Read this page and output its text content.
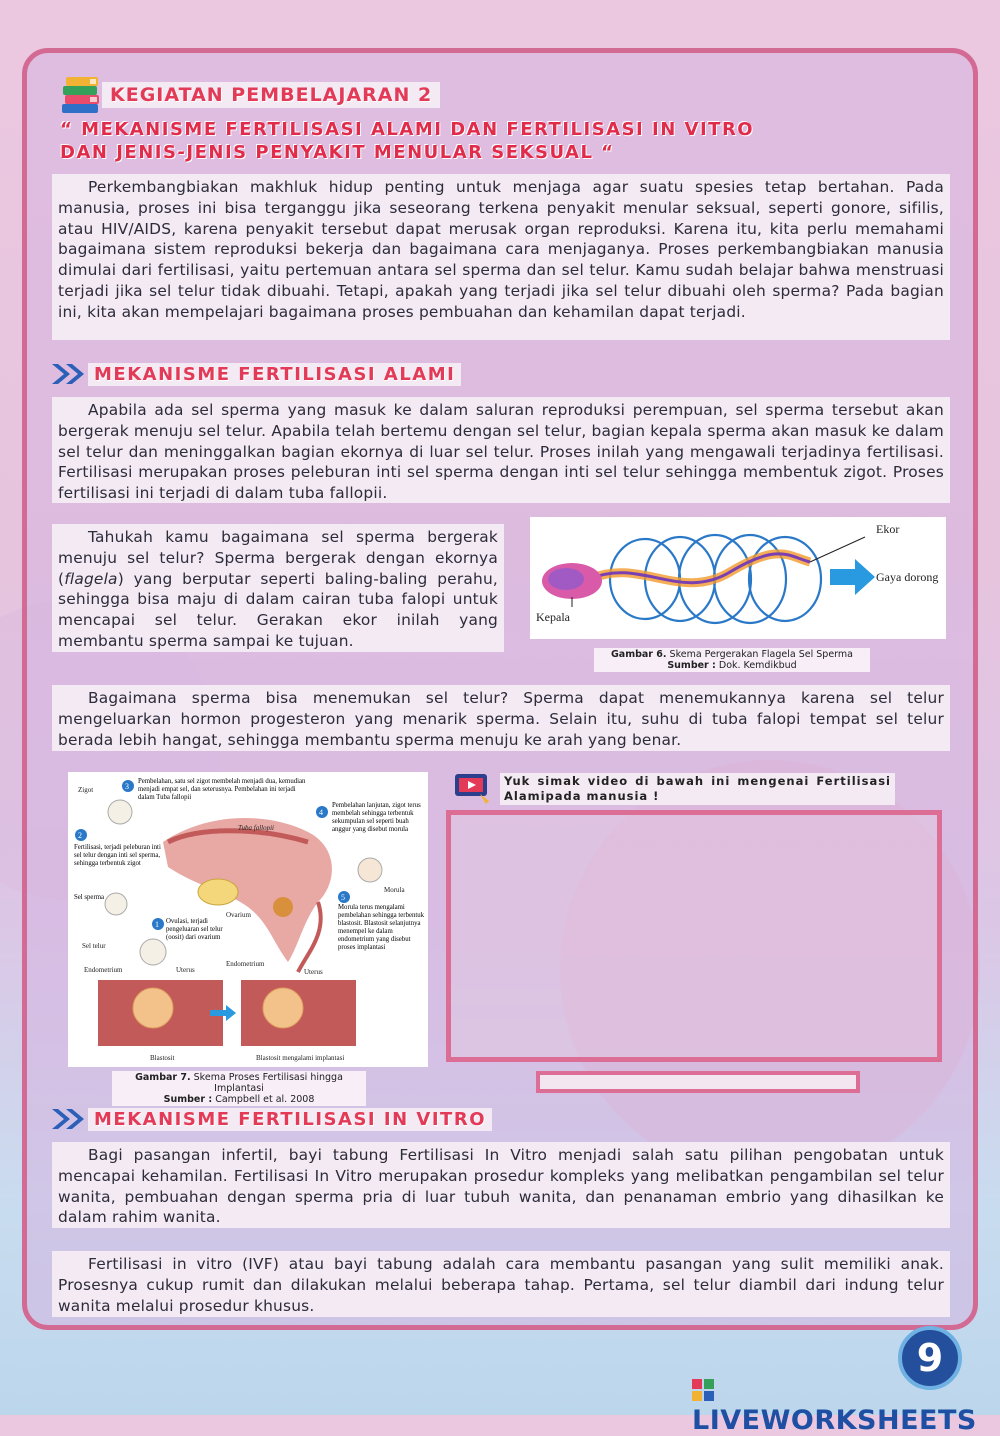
KEGIATAN PEMBELAJARAN 2
“ MEKANISME FERTILISASI ALAMI DAN FERTILISASI IN VITRO
DAN JENIS-JENIS PENYAKIT MENULAR SEKSUAL “
Perkembangbiakan makhluk hidup penting untuk menjaga agar suatu spesies tetap bertahan. Pada manusia, proses ini bisa terganggu jika seseorang terkena penyakit menular seksual, seperti gonore, sifilis, atau HIV/AIDS, karena penyakit tersebut dapat merusak organ reproduksi. Karena itu, kita perlu memahami bagaimana sistem reproduksi bekerja dan bagaimana cara menjaganya. Proses perkembangbiakan manusia dimulai dari fertilisasi, yaitu pertemuan antara sel sperma dan sel telur. Kamu sudah belajar bahwa menstruasi terjadi jika sel telur tidak dibuahi. Tetapi, apakah yang terjadi jika sel telur dibuahi oleh sperma? Pada bagian ini, kita akan mempelajari bagaimana proses pembuahan dan kehamilan dapat terjadi.
MEKANISME FERTILISASI ALAMI
Apabila ada sel sperma yang masuk ke dalam saluran reproduksi perempuan, sel sperma tersebut akan bergerak menuju sel telur. Apabila telah bertemu dengan sel telur, bagian kepala sperma akan masuk ke dalam sel telur dan meninggalkan bagian ekornya di luar sel telur. Proses inilah yang mengawali terjadinya fertilisasi. Fertilisasi merupakan proses peleburan inti sel sperma dengan inti sel telur sehingga membentuk zigot. Proses fertilisasi ini terjadi di dalam tuba fallopii.
Tahukah kamu bagaimana sel sperma bergerak menuju sel telur? Sperma bergerak dengan ekornya (flagela) yang berputar seperti baling-baling perahu, sehingga bisa maju di dalam cairan tuba falopi untuk mencapai sel telur. Gerakan ekor inilah yang membantu sperma sampai ke tujuan.
Ekor
Gaya dorong
Kepala
Gambar 6. Skema Pergerakan Flagela Sel Sperma
Sumber : Dok. Kemdikbud
Bagaimana sperma bisa menemukan sel telur? Sperma dapat menemukannya karena sel telur mengeluarkan hormon progesteron yang menarik sperma. Selain itu, suhu di tuba falopi tempat sel telur berada lebih hangat, sehingga membantu sperma menuju ke arah yang benar.
3
2
4
5
1
Zigot
Pembelahan, satu sel zigot membelah menjadi dua, kemudian menjadi empat sel, dan seterusnya. Pembelahan ini terjadi dalam Tuba fallopii
Tuba fallopii
Pembelahan lanjutan, zigot terus membelah sehingga terbentuk sekumpulan sel seperti buah anggur yang disebut morula
Fertilisasi, terjadi peleburan inti sel telur dengan inti sel sperma, sehingga terbentuk zigot
Morula
Sel sperma
Ovarium
Morula terus mengalami pembelahan sehingga terbentuk blastosit. Blastosit selanjutnya menempel ke dalam endometrium yang disebut proses implantasi
Ovulasi, terjadi pengeluaran sel telur (oosit) dari ovarium
Sel telur
Endometrium	Uterus
Endometrium
Uterus
Blastosit	Blastosit mengalami implantasi
Gambar 7. Skema Proses Fertilisasi hingga Implantasi
Sumber : Campbell et al. 2008
Yuk simak video di bawah ini mengenai Fertilisasi Alamipada manusia !
MEKANISME FERTILISASI IN VITRO
Bagi pasangan infertil, bayi tabung Fertilisasi In Vitro menjadi salah satu pilihan pengobatan untuk mencapai kehamilan. Fertilisasi In Vitro merupakan prosedur kompleks yang melibatkan pengambilan sel telur wanita, pembuahan dengan sperma pria di luar tubuh wanita, dan penanaman embrio yang dihasilkan ke dalam rahim wanita.
Fertilisasi in vitro (IVF) atau bayi tabung adalah cara membantu pasangan yang sulit memiliki anak. Prosesnya cukup rumit dan dilakukan melalui beberapa tahap. Pertama, sel telur diambil dari indung telur wanita melalui prosedur khusus.
9
LIVEWORKSHEETS
